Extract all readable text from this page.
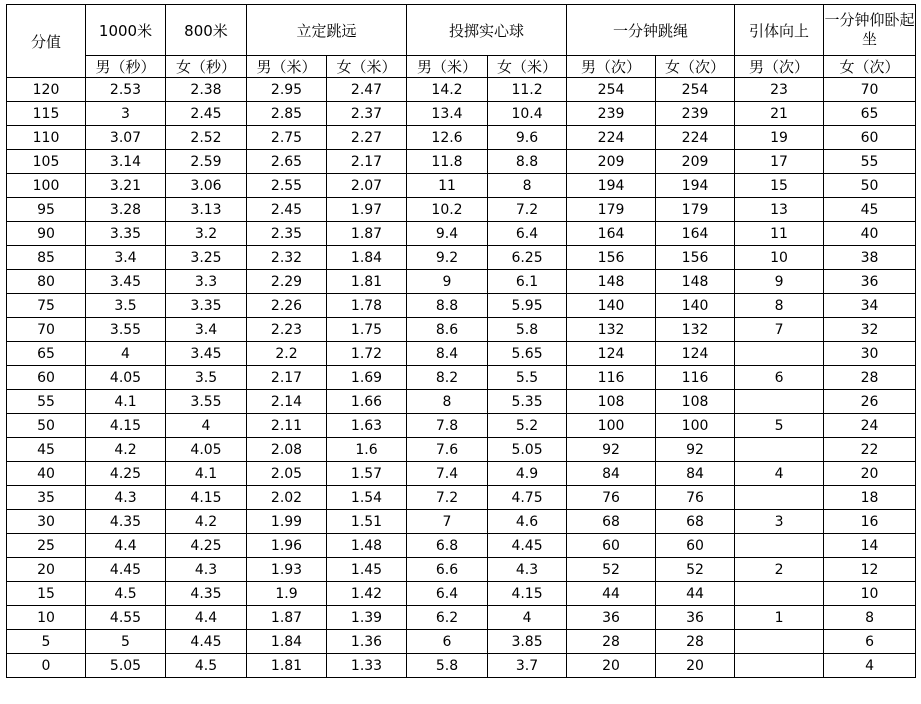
分值	1000米	800米	立定跳远		投掷实心球		一分钟跳绳		引体向上	一分钟仰卧起坐
	男（秒）	女（秒）	男（米）	女（米）	男（米）	女（米）	男（次）	女（次）	男（次）	女（次）
120	2.53	2.38	2.95	2.47	14.2	11.2	254	254	23	70
115	3	2.45	2.85	2.37	13.4	10.4	239	239	21	65
110	3.07	2.52	2.75	2.27	12.6	9.6	224	224	19	60
105	3.14	2.59	2.65	2.17	11.8	8.8	209	209	17	55
100	3.21	3.06	2.55	2.07	11	8	194	194	15	50
95	3.28	3.13	2.45	1.97	10.2	7.2	179	179	13	45
90	3.35	3.2	2.35	1.87	9.4	6.4	164	164	11	40
85	3.4	3.25	2.32	1.84	9.2	6.25	156	156	10	38
80	3.45	3.3	2.29	1.81	9	6.1	148	148	9	36
75	3.5	3.35	2.26	1.78	8.8	5.95	140	140	8	34
70	3.55	3.4	2.23	1.75	8.6	5.8	132	132	7	32
65	4	3.45	2.2	1.72	8.4	5.65	124	124		30
60	4.05	3.5	2.17	1.69	8.2	5.5	116	116	6	28
55	4.1	3.55	2.14	1.66	8	5.35	108	108		26
50	4.15	4	2.11	1.63	7.8	5.2	100	100	5	24
45	4.2	4.05	2.08	1.6	7.6	5.05	92	92		22
40	4.25	4.1	2.05	1.57	7.4	4.9	84	84	4	20
35	4.3	4.15	2.02	1.54	7.2	4.75	76	76		18
30	4.35	4.2	1.99	1.51	7	4.6	68	68	3	16
25	4.4	4.25	1.96	1.48	6.8	4.45	60	60		14
20	4.45	4.3	1.93	1.45	6.6	4.3	52	52	2	12
15	4.5	4.35	1.9	1.42	6.4	4.15	44	44		10
10	4.55	4.4	1.87	1.39	6.2	4	36	36	1	8
5	5	4.45	1.84	1.36	6	3.85	28	28		6
0	5.05	4.5	1.81	1.33	5.8	3.7	20	20		4
